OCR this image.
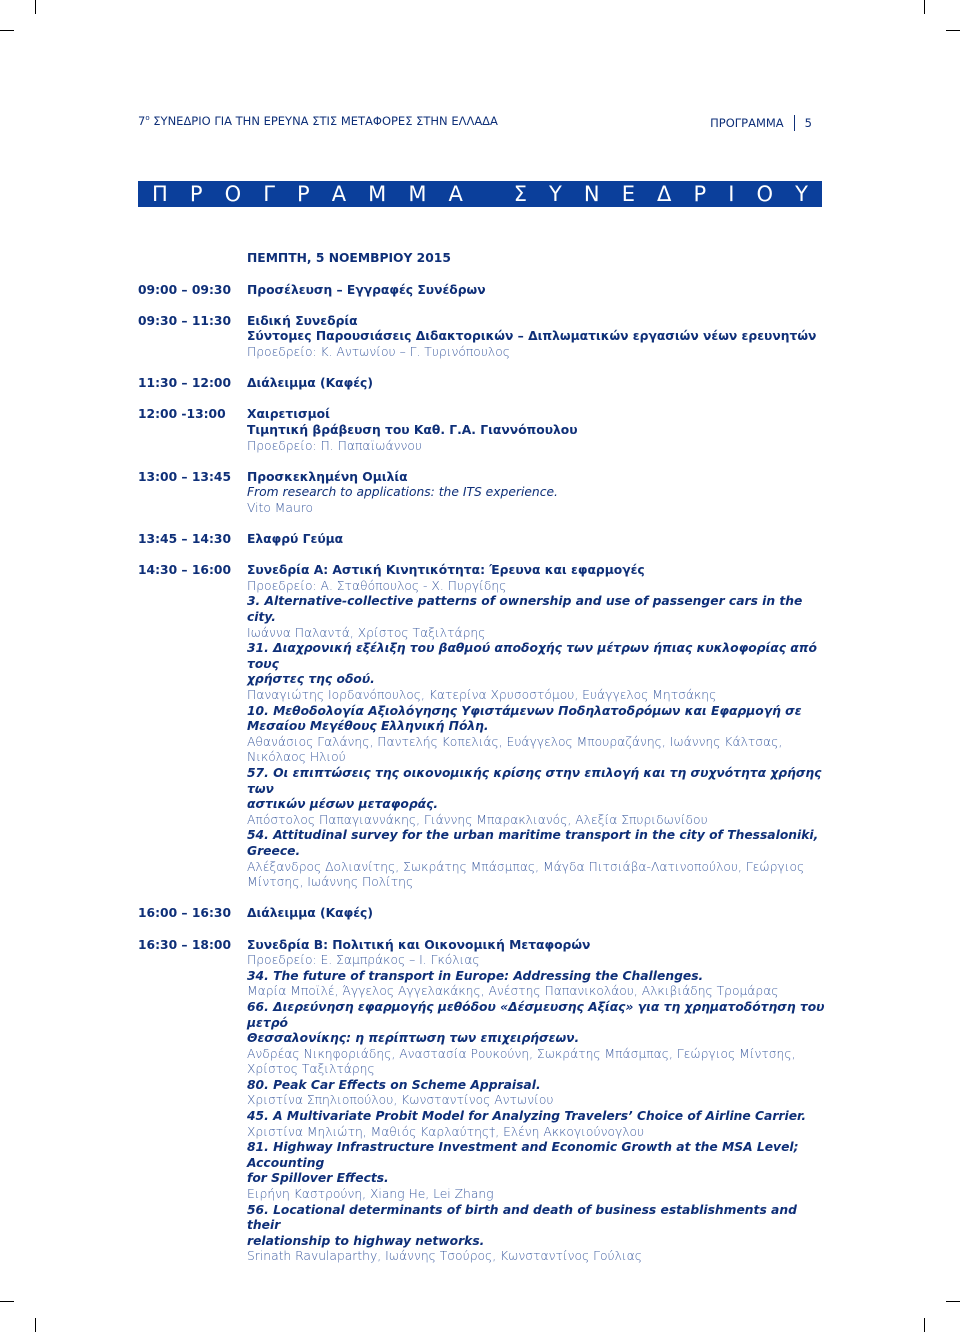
$7^o$ ΣΥΝΕΔΡΙΟ ΓΙΑ ΤΗΝ ΕΡΕΥΝΑ ΣΤΙΣ ΜΕΤΑΦΟΡΕΣ ΣΤΗΝ ΕΛΛΑΔΑ	ΠΡΟΓΡΑΜΜΑ 5
Π Ρ Ο Γ Ρ Α Μ Μ Α
Σ Υ Ν Ε Δ Ρ Ι Ο Υ
ΠΕΜΠΤΗ, 5 ΝΟΕΜΒΡΙΟΥ 2015
09:00 – 09:30	Προσέλευση – Εγγραφές Συνέδρων
09:30 – 11:30	Ειδική Συνεδρία
Σύντομες Παρουσιάσεις Διδακτορικών – Διπλωματικών εργασιών νέων ερευνητών
Προεδρείο: Κ. Αντωνίου – Γ. Τυρινόπουλος
11:30 – 12:00	Διάλειμμα (Καφές)
12:00 -13:00	Χαιρετισμοί
Τιμητική βράβευση του Καθ. Γ.Α. Γιαννόπουλου
Προεδρείο: Π. Παπαϊωάννου
13:00 – 13:45	Προσκεκλημένη Ομιλία
From research to applications: the ITS experience.
Vito Mauro
13:45 – 14:30	Ελαφρύ Γεύμα
14:30 – 16:00	Συνεδρία Α: Αστική Κινητικότητα: Έρευνα και εφαρμογές
Προεδρείο: Α. Σταθόπουλος - Χ. Πυργίδης
3. Alternative-collective patterns of ownership and use of passenger cars in the city.
Ιωάννα Παλαντά, Χρίστος Ταξιλτάρης
31. Διαχρονική εξέλιξη του βαθμού αποδοχής των μέτρων ήπιας κυκλοφορίας από τους
χρήστες της οδού.
Παναγιώτης Ιορδανόπουλος, Κατερίνα Χρυσοστόμου, Ευάγγελος Μητσάκης
10. Μεθοδολογία Αξιολόγησης Υφιστάμενων Ποδηλατοδρόμων και Εφαρμογή σε
Μεσαίου Μεγέθους Ελληνική Πόλη.
Αθανάσιος Γαλάνης, Παντελής Κοπελιάς, Ευάγγελος Μπουραζάνης, Ιωάννης Κάλτσας,
Νικόλαος Ηλιού
57. Οι επιπτώσεις της οικονομικής κρίσης στην επιλογή και τη συχνότητα χρήσης των
αστικών μέσων μεταφοράς.
Απόστολος Παπαγιαννάκης, Γιάννης Μπαρακλιανός, Αλεξία Σπυριδωνίδου
54. Attitudinal survey for the urban maritime transport in the city of Thessaloniki, Greece.
Αλέξανδρος Δολιανίτης, Σωκράτης Μπάσμπας, Μάγδα Πιτσιάβα-Λατινοπούλου, Γεώργιος
Μίντσης, Ιωάννης Πολίτης
16:00 – 16:30	Διάλειμμα (Καφές)
16:30 – 18:00	Συνεδρία Β: Πολιτική και Οικονομική Μεταφορών
Προεδρείο: Ε. Σαμπράκος – Ι. Γκόλιας
34. The future of transport in Europe: Addressing the Challenges.
Μαρία Μποϊλέ, Άγγελος Αγγελακάκης, Ανέστης Παπανικολάου, Αλκιβιάδης Τρομάρας
66. Διερεύνηση εφαρμογής μεθόδου «Δέσμευσης Αξίας» για τη χρηματοδότηση του μετρό
Θεσσαλονίκης: η περίπτωση των επιχειρήσεων.
Ανδρέας Νικηφοριάδης, Αναστασία Ρουκούνη, Σωκράτης Μπάσμπας, Γεώργιος Μίντσης,
Χρίστος Ταξιλτάρης
80. Peak Car Effects on Scheme Appraisal.
Χριστίνα Σπηλιοπούλου, Κωνσταντίνος Αντωνίου
45. A Multivariate Probit Model for Analyzing Travelers’ Choice of Airline Carrier.
Χριστίνα Μηλιώτη, Μαθιός Καρλαύτης†, Ελένη Ακκογιούνογλου
81. Highway Infrastructure Investment and Economic Growth at the MSA Level; Accounting
for Spillover Effects.
Ειρήνη Καστρούνη, Xiang He, Lei Zhang
56. Locational determinants of birth and death of business establishments and their
relationship to highway networks.
Srinath Ravulaparthy, Ιωάννης Τσούρος, Κωνσταντίνος Γούλιας
